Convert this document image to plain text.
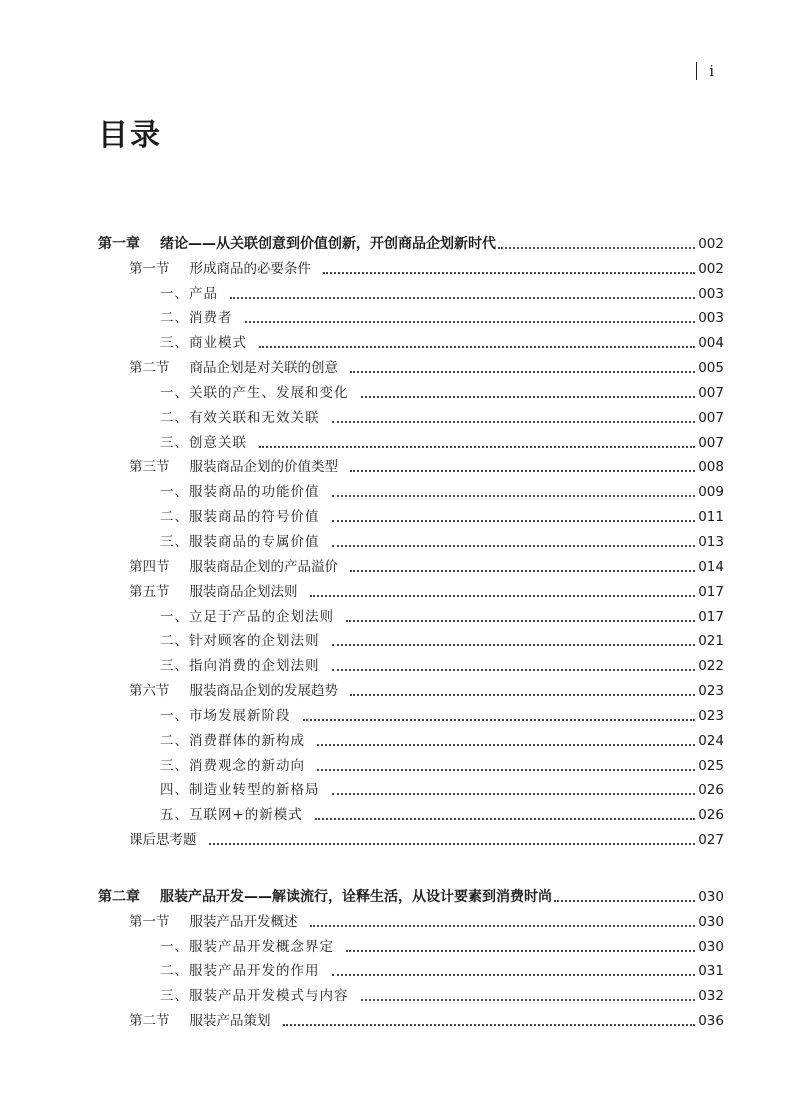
i
目录
第一章 绪论——从关联创意到价值创新，开创商品企划新时代	002
第一节 形成商品的必要条件	002
一、 产品	003
二、 消费者	003
三、 商业模式	004
第二节 商品企划是对关联的创意	005
一、 关联的产生、发展和变化	007
二、 有效关联和无效关联	007
三、 创意关联	007
第三节 服装商品企划的价值类型	008
一、 服装商品的功能价值	009
二、 服装商品的符号价值	011
三、 服装商品的专属价值	013
第四节 服装商品企划的产品溢价	014
第五节 服装商品企划法则	017
一、 立足于产品的企划法则	017
二、 针对顾客的企划法则	021
三、 指向消费的企划法则	022
第六节 服装商品企划的发展趋势	023
一、 市场发展新阶段	023
二、 消费群体的新构成	024
三、 消费观念的新动向	025
四、 制造业转型的新格局	026
五、 互联网+的新模式	026
课后思考题	027
第二章 服装产品开发——解读流行，诠释生活，从设计要素到消费时尚	030
第一节 服装产品开发概述	030
一、 服装产品开发概念界定	030
二、 服装产品开发的作用	031
三、 服装产品开发模式与内容	032
第二节 服装产品策划	036
